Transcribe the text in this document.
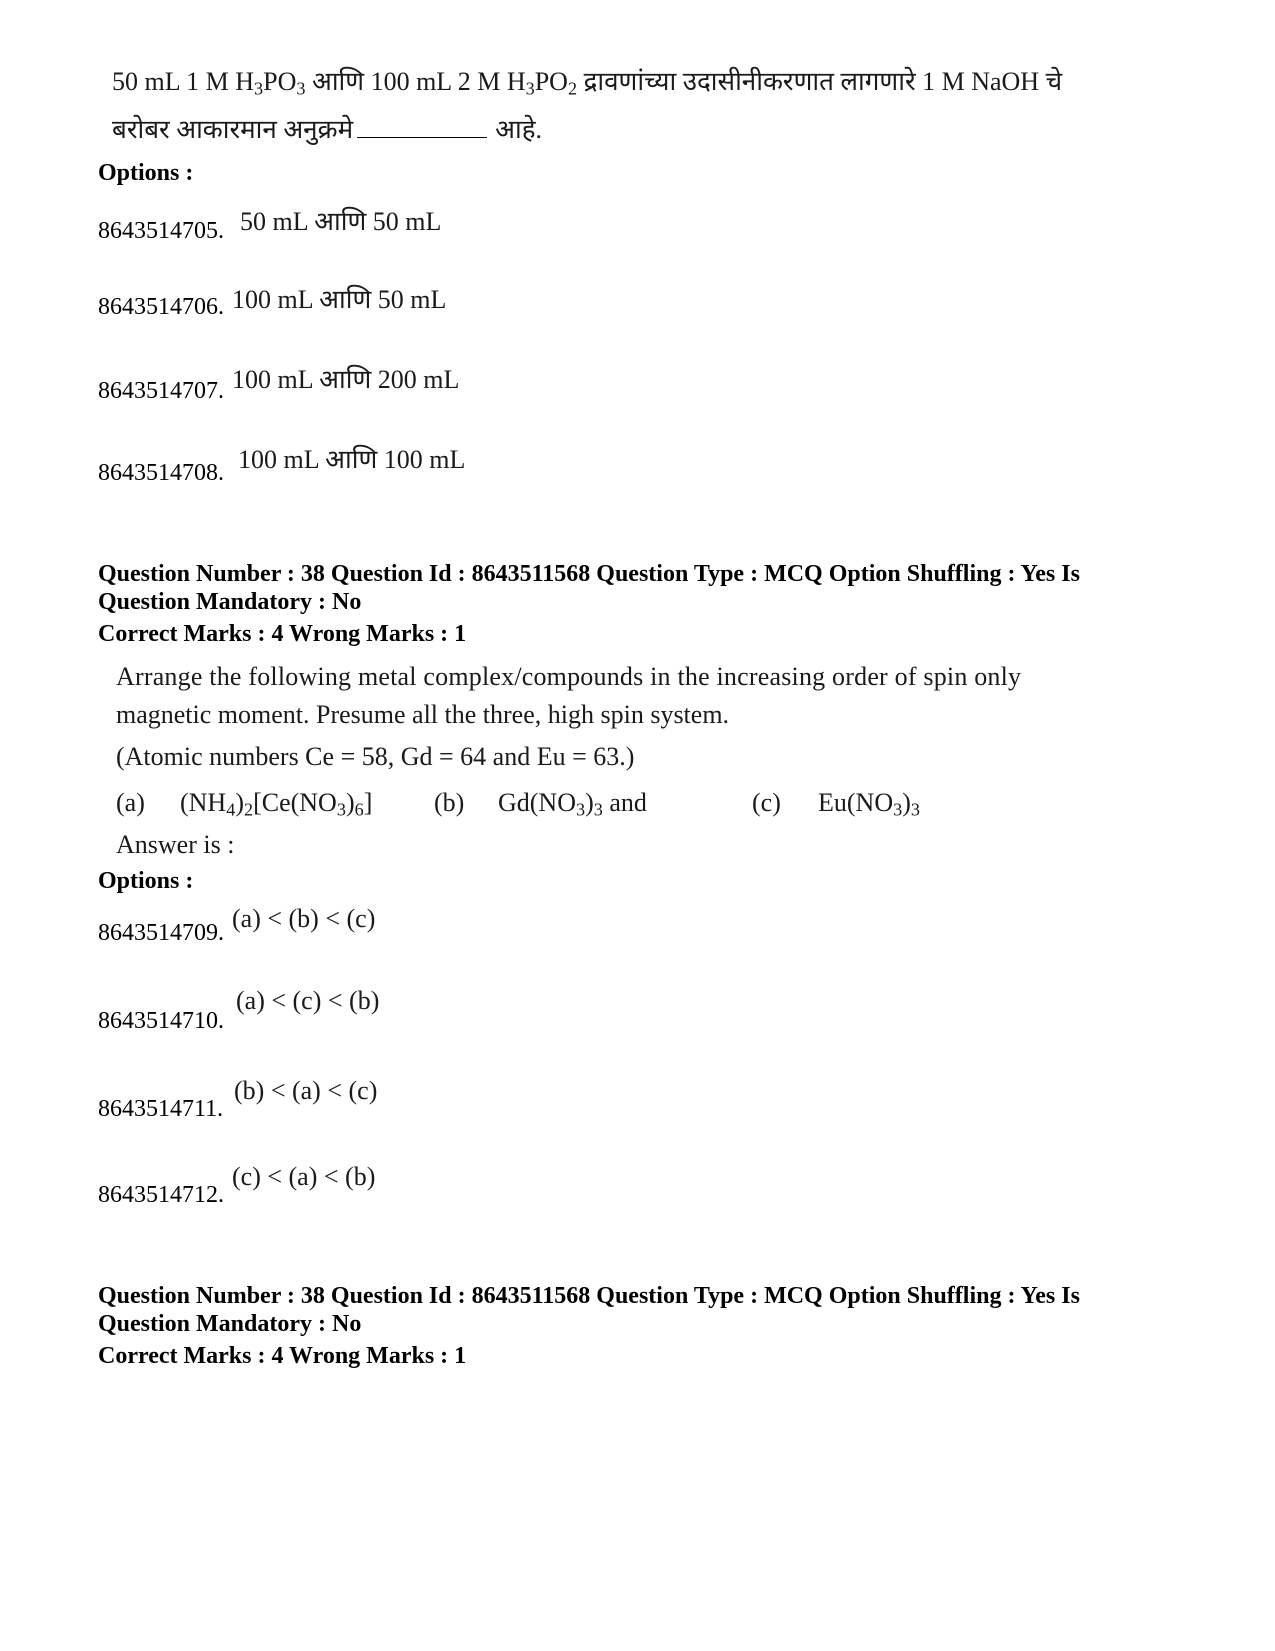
50 mL 1 M $H_3PO_3$ आणि 100 mL 2 M $H_3PO_2$ द्रावणांच्या उदासीनीकरणात लागणारे 1 M NaOH चे
बरोबर आकारमान अनुक्रमे	आहे.
Options :
8643514705. 50 mL आणि 50 mL
8643514706. 100 mL आणि 50 mL
8643514707. 100 mL आणि 200 mL
8643514708. 100 mL आणि 100 mL
Question Number : 38 Question Id : 8643511568 Question Type : MCQ Option Shuffling : Yes Is
Question Mandatory : No
Correct Marks : 4 Wrong Marks : 1
Arrange the following metal complex/compounds in the increasing order of spin only
magnetic moment. Presume all the three, high spin system.
(Atomic numbers Ce = 58, Gd = 64 and Eu = 63.)
(a) $(NH_4)_2[Ce(NO_3)_6]$ (b) $Gd(NO_3)_3$ and	(c) $Eu(NO_3)_3$
Answer is :
Options :
8643514709. (a) < (b) < (c)
8643514710.
(a) < (c) < (b)
8643514711.
(b) < (a) < (c)
8643514712.
(c) < (a) < (b)
Question Number : 38 Question Id : 8643511568 Question Type : MCQ Option Shuffling : Yes Is
Question Mandatory : No
Correct Marks : 4 Wrong Marks : 1
